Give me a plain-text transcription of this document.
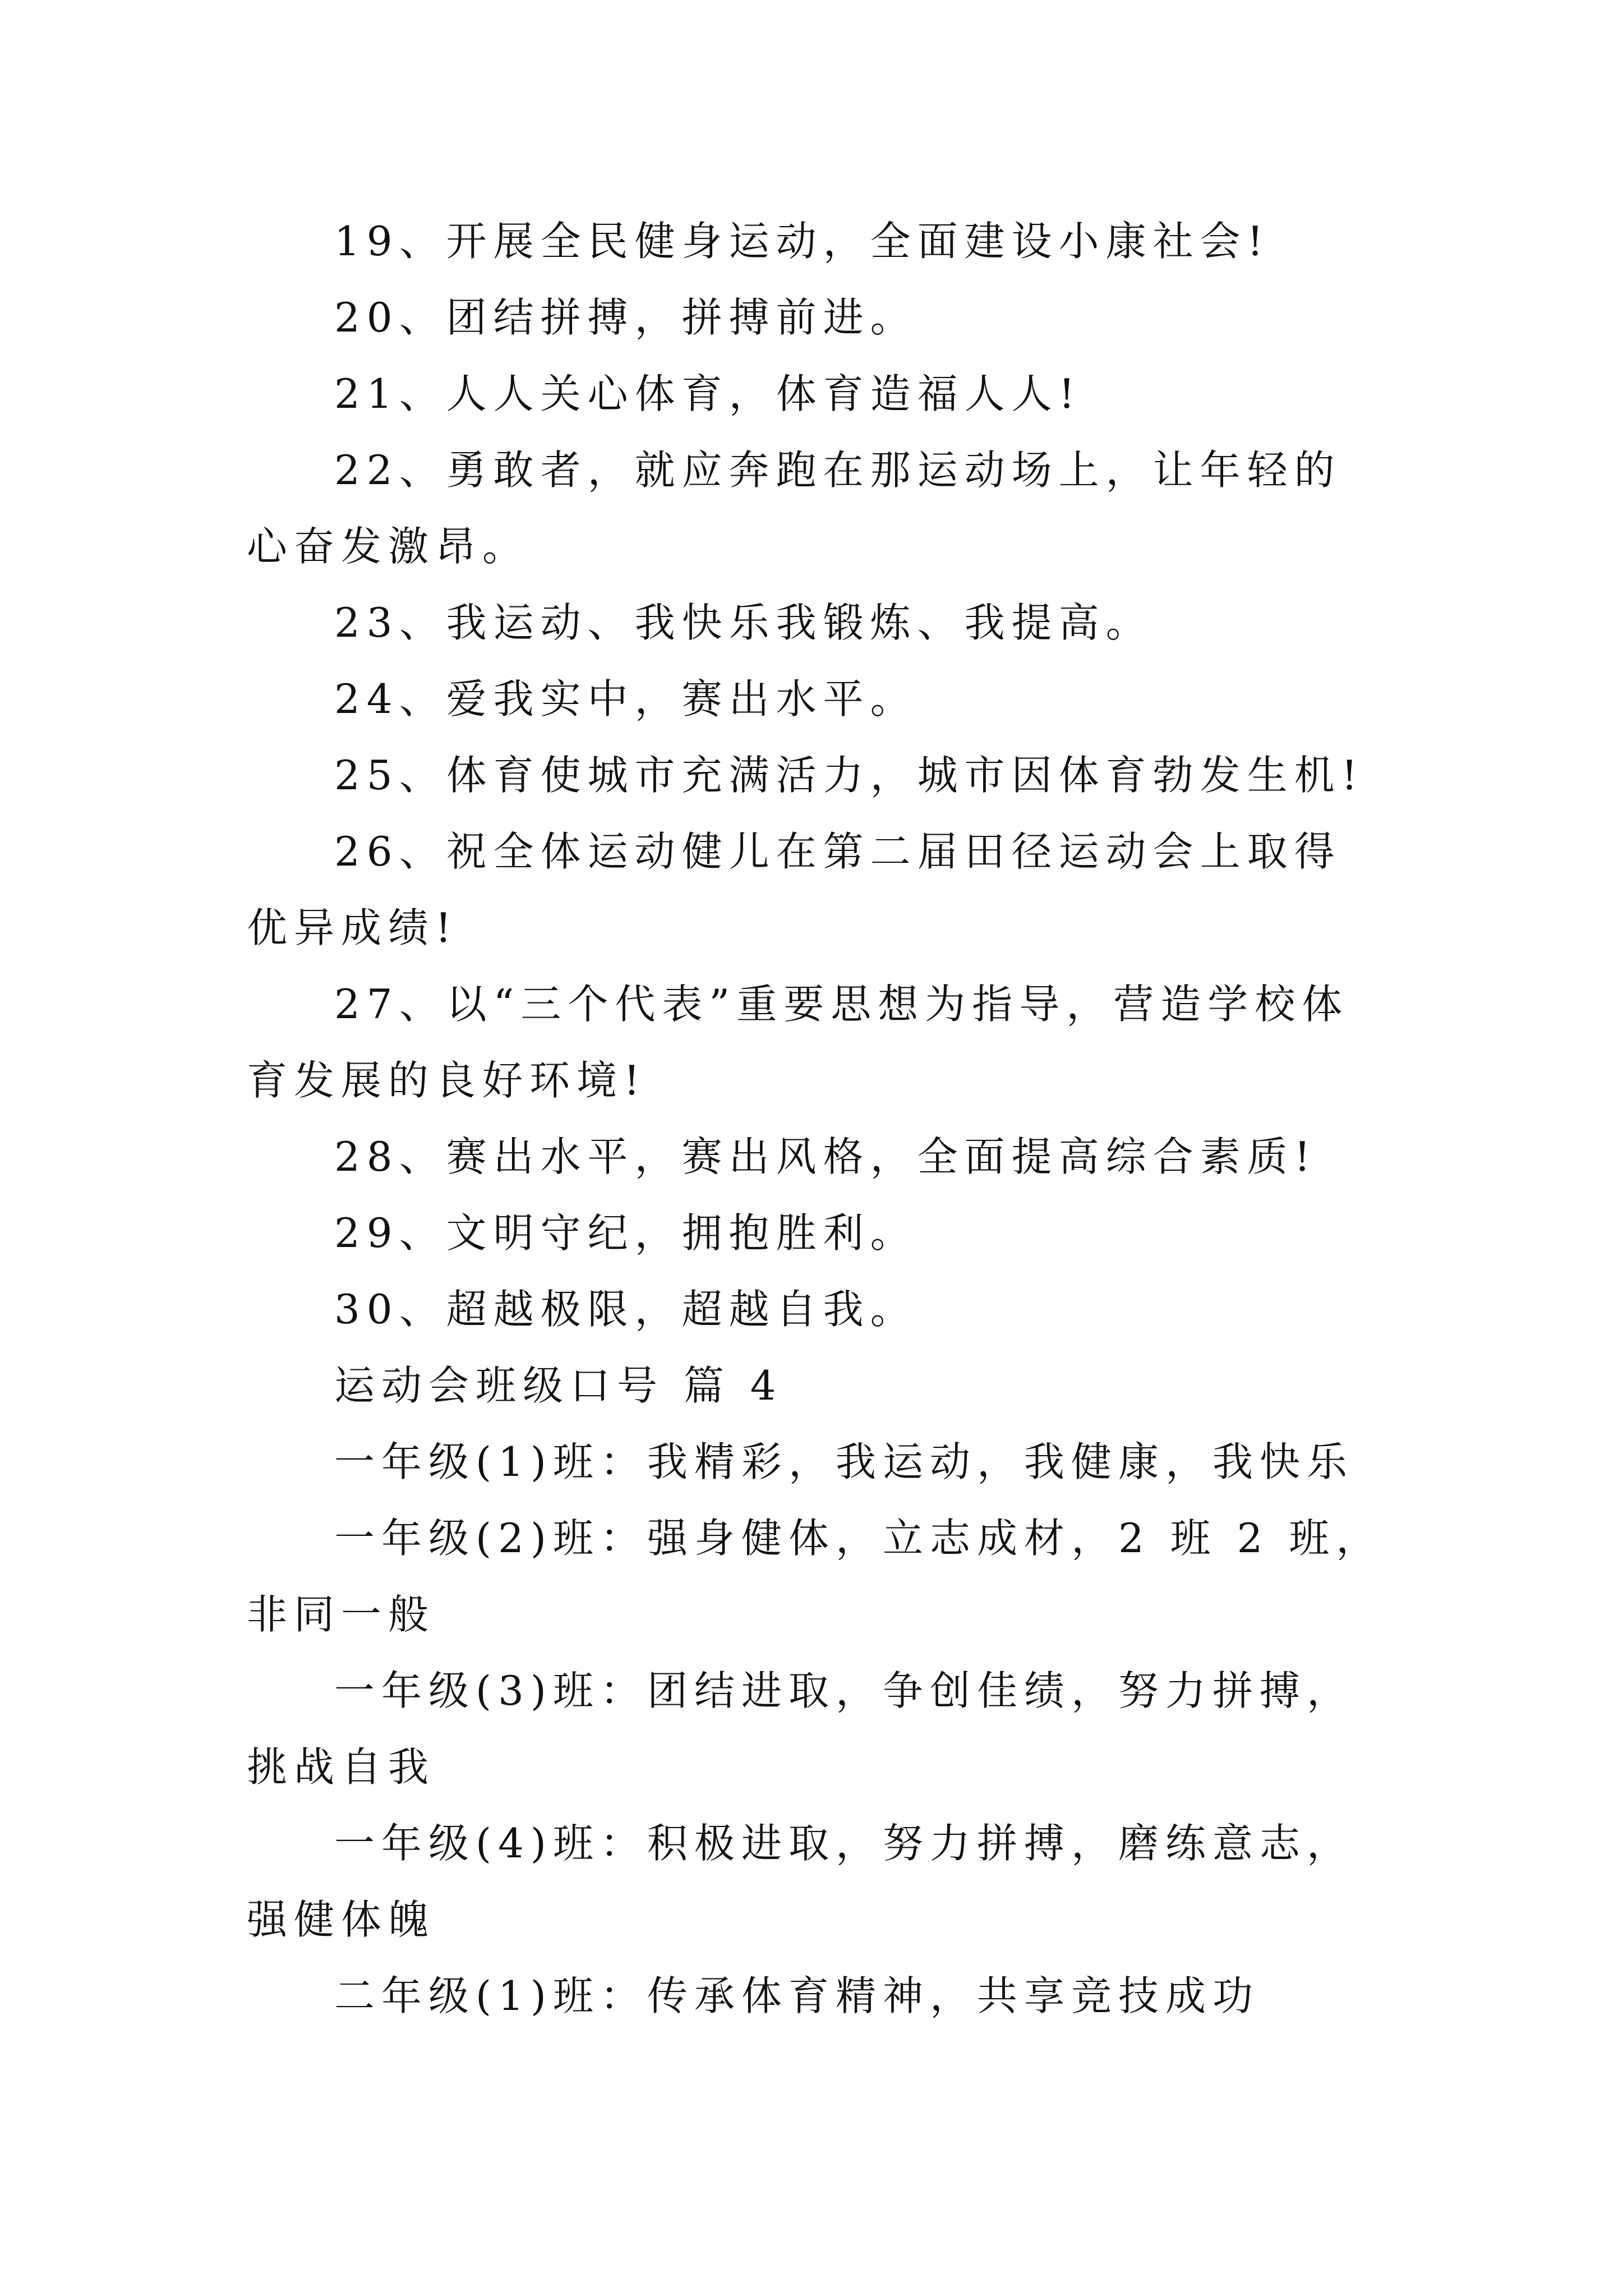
19、开展全民健身运动，全面建设小康社会!

20、团结拼搏，拼搏前进。

21、人人关心体育，体育造福人人!

22、勇敢者，就应奔跑在那运动场上，让年轻的心奋发激昂。

23、我运动、我快乐我锻炼、我提高。

24、爱我实中，赛出水平。

25、体育使城市充满活力，城市因体育勃发生机!

26、祝全体运动健儿在第二届田径运动会上取得优异成绩!

27、以“三个代表”重要思想为指导，营造学校体育发展的良好环境!

28、赛出水平，赛出风格，全面提高综合素质!

29、文明守纪，拥抱胜利。

30、超越极限，超越自我。

运动会班级口号 篇 4

一年级(1)班：我精彩，我运动，我健康，我快乐

一年级(2)班：强身健体，立志成材，2 班 2 班，非同一般

一年级(3)班：团结进取，争创佳绩，努力拼搏，挑战自我

一年级(4)班：积极进取，努力拼搏，磨练意志，强健体魄

二年级(1)班：传承体育精神，共享竞技成功
